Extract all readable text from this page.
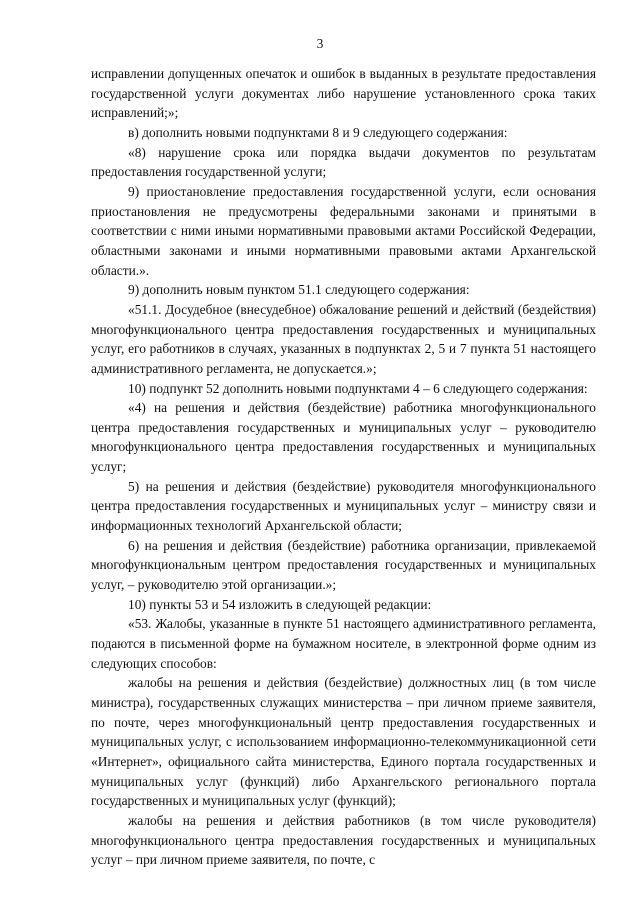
3

исправлении допущенных опечаток и ошибок в выданных в результате предоставления государственной услуги документах либо нарушение установленного срока таких исправлений;»;

в) дополнить новыми подпунктами 8 и 9 следующего содержания:

«8) нарушение срока или порядка выдачи документов по результатам предоставления государственной услуги;

9) приостановление предоставления государственной услуги, если основания приостановления не предусмотрены федеральными законами и принятыми в соответствии с ними иными нормативными правовыми актами Российской Федерации, областными законами и иными нормативными правовыми актами Архангельской области.».

9) дополнить новым пунктом 51.1 следующего содержания:

«51.1. Досудебное (внесудебное) обжалование решений и действий (бездействия) многофункционального центра предоставления государственных и муниципальных услуг, его работников в случаях, указанных в подпунктах 2, 5 и 7 пункта 51 настоящего административного регламента, не допускается.»;

10) подпункт 52 дополнить новыми подпунктами 4 – 6 следующего содержания:

«4) на решения и действия (бездействие) работника многофункционального центра предоставления государственных и муниципальных услуг – руководителю многофункционального центра предоставления государственных и муниципальных услуг;

5) на решения и действия (бездействие) руководителя многофункционального центра предоставления государственных и муниципальных услуг – министру связи и информационных технологий Архангельской области;

6) на решения и действия (бездействие) работника организации, привлекаемой многофункциональным центром предоставления государственных и муниципальных услуг, – руководителю этой организации.»;

10) пункты 53 и 54 изложить в следующей редакции:

«53. Жалобы, указанные в пункте 51 настоящего административного регламента, подаются в письменной форме на бумажном носителе, в электронной форме одним из следующих способов:

жалобы на решения и действия (бездействие) должностных лиц (в том числе министра), государственных служащих министерства – при личном приеме заявителя, по почте, через многофункциональный центр предоставления государственных и муниципальных услуг, с использованием информационно-телекоммуникационной сети «Интернет», официального сайта министерства, Единого портала государственных и муниципальных услуг (функций) либо Архангельского регионального портала государственных и муниципальных услуг (функций);

жалобы на решения и действия работников (в том числе руководителя) многофункционального центра предоставления государственных и муниципальных услуг – при личном приеме заявителя, по почте, с
